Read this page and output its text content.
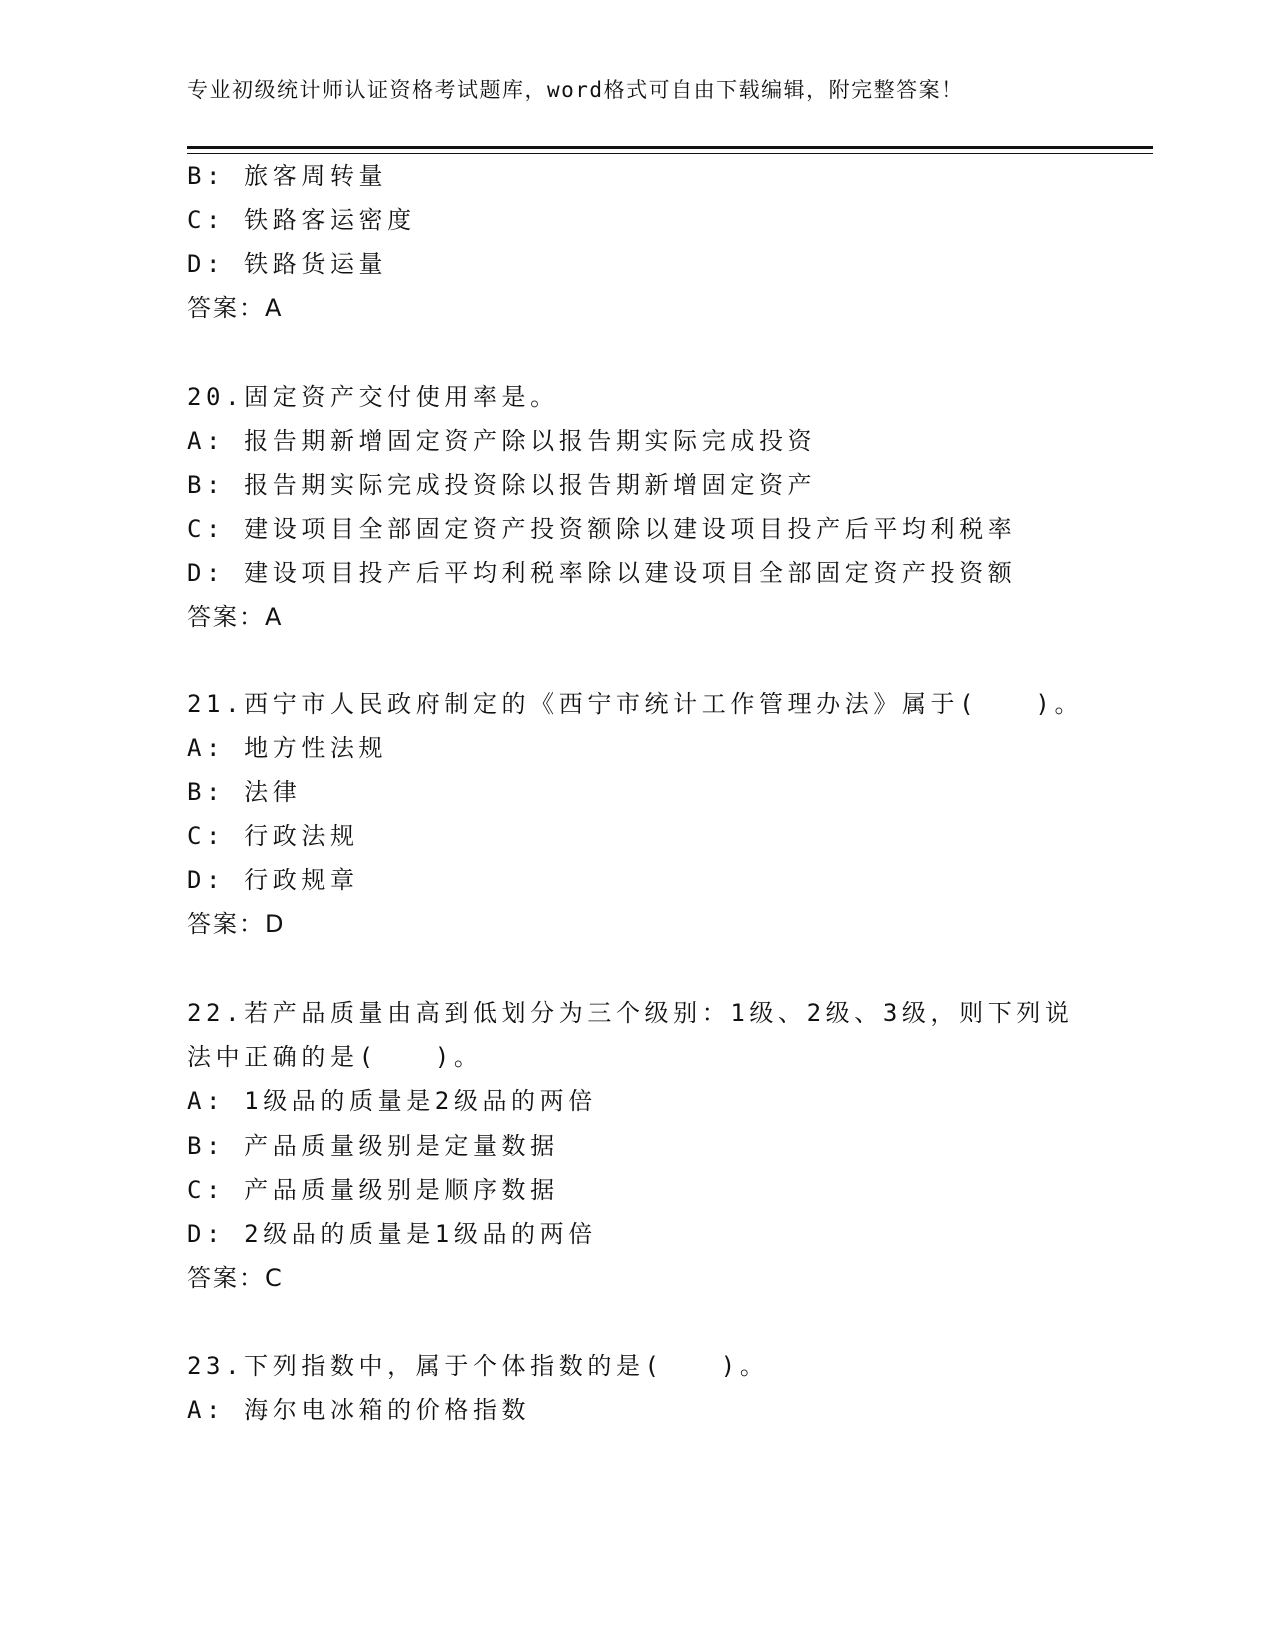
专业初级统计师认证资格考试题库，word格式可自由下载编辑，附完整答案！
B: 旅客周转量
C: 铁路客运密度
D: 铁路货运量
答案：A
20.固定资产交付使用率是。
A: 报告期新增固定资产除以报告期实际完成投资
B: 报告期实际完成投资除以报告期新增固定资产
C: 建设项目全部固定资产投资额除以建设项目投产后平均利税率
D: 建设项目投产后平均利税率除以建设项目全部固定资产投资额
答案：A
21.西宁市人民政府制定的《西宁市统计工作管理办法》属于(　　)。
A: 地方性法规
B: 法律
C: 行政法规
D: 行政规章
答案：D
22.若产品质量由高到低划分为三个级别：1级、2级、3级，则下列说
法中正确的是(　　)。
A: 1级品的质量是2级品的两倍
B: 产品质量级别是定量数据
C: 产品质量级别是顺序数据
D: 2级品的质量是1级品的两倍
答案：C
23.下列指数中，属于个体指数的是(　　)。
A: 海尔电冰箱的价格指数
